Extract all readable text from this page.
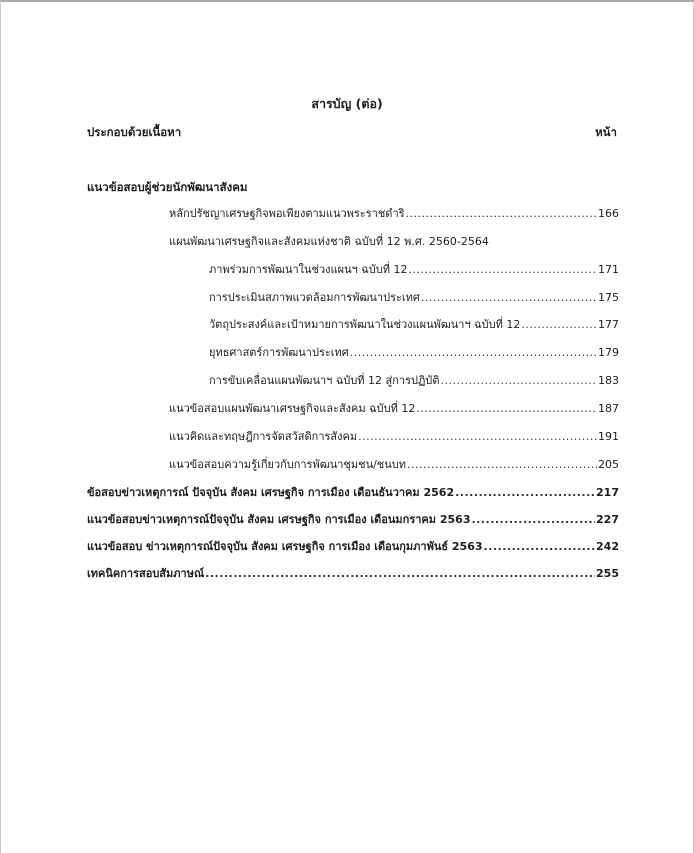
สารบัญ (ต่อ)
ประกอบด้วยเนื้อหา	หน้า
แนวข้อสอบผู้ช่วยนักพัฒนาสังคม
หลักปรัชญาเศรษฐกิจพอเพียงตามแนวพระราชดำริ .....	166
แผนพัฒนาเศรษฐกิจและสังคมแห่งชาติ ฉบับที่ 12 พ.ศ. 2560-2564
ภาพร่วมการพัฒนาในช่วงแผนฯ ฉบับที่ 12 .....	171
การประเมินสภาพแวดล้อมการพัฒนาประเทศ .....	175
วัตถุประสงค์และเป้าหมายการพัฒนาในช่วงแผนพัฒนาฯ ฉบับที่ 12 .....	177
ยุทธศาสตร์การพัฒนาประเทศ .....	179
การขับเคลื่อนแผนพัฒนาฯ ฉบับที่ 12 สู่การปฏิบัติ .....	183
แนวข้อสอบแผนพัฒนาเศรษฐกิจและสังคม ฉบับที่ 12 .....	187
แนวคิดและทฤษฎีการจัดสวัสดิการสังคม .....	191
แนวข้อสอบความรู้เกี่ยวกับการพัฒนาชุมชน/ชนบท .....	205
ข้อสอบข่าวเหตุการณ์ ปัจจุบัน สังคม เศรษฐกิจ การเมือง เดือนธันวาคม 2562 .....	217
แนวข้อสอบข่าวเหตุการณ์ปัจจุบัน สังคม เศรษฐกิจ การเมือง เดือนมกราคม 2563 .....	227
แนวข้อสอบ ข่าวเหตุการณ์ปัจจุบัน สังคม เศรษฐกิจ การเมือง เดือนกุมภาพันธ์ 2563 .....	242
เทคนิคการสอบสัมภาษณ์ .....	255
